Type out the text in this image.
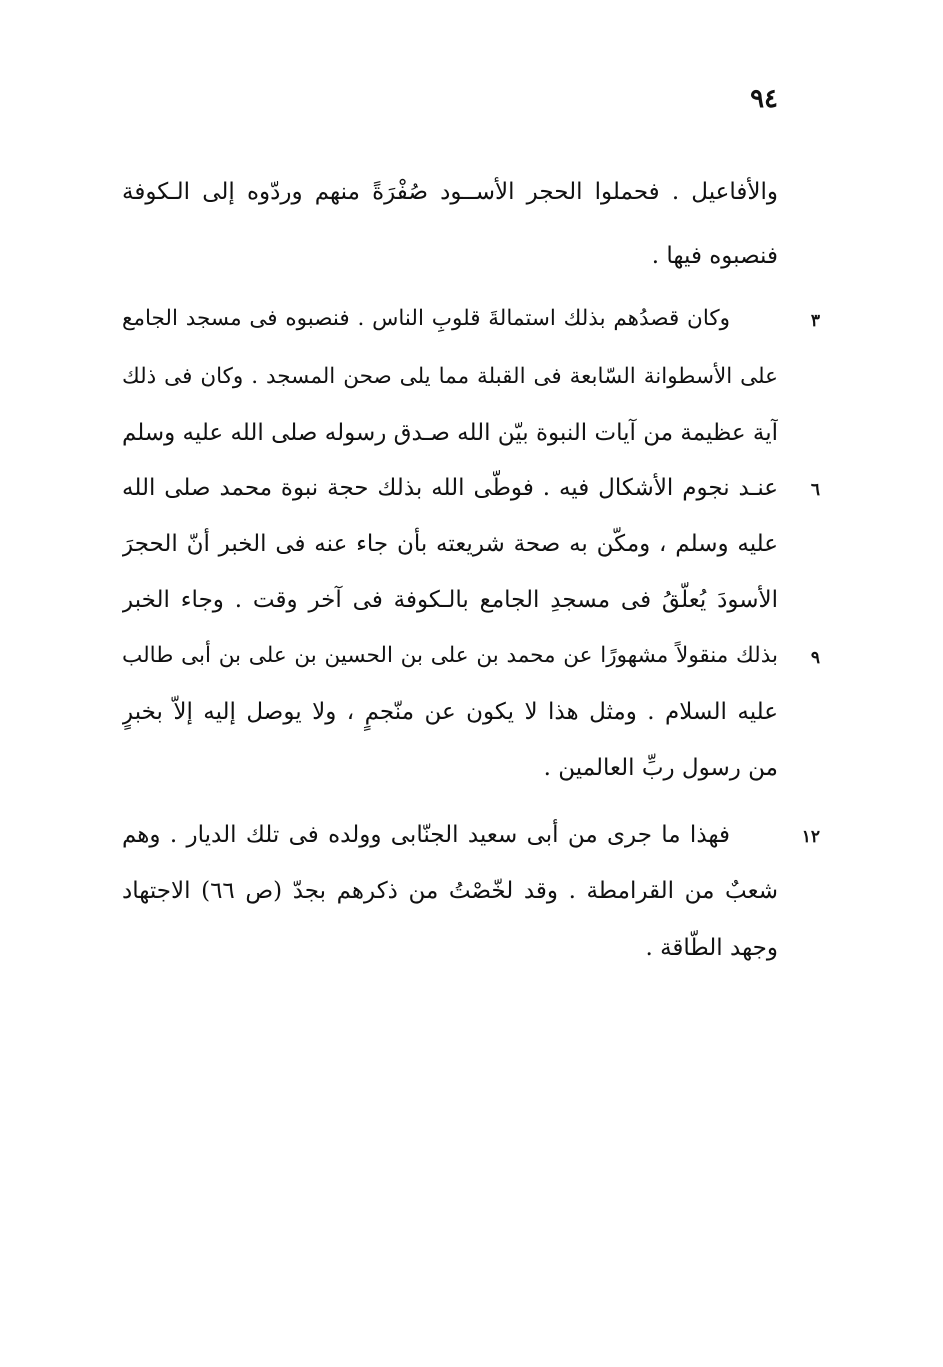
٩٤
والأفاعيل . فحملوا الحجر الأســود صُفْرَةً منهم وردّوه إلى الـكوفة
فنصبوه فيها .
وكان قصدُهم بذلك استمالةَ قلوبِ الناس . فنصبوه فى مسجد الجامع	٣
على الأسطوانة السّابعة فى القبلة مما يلى صحن المسجد . وكان فى ذلك
آية عظيمة من آيات النبوة بيّن الله صـدق رسوله صلى الله عليه وسلم
عنـد نجوم الأشكال فيه . فوطّى الله بذلك حجة نبوة محمد صلى الله	٦
عليه وسلم ، ومكّن به صحة شريعته بأن جاء عنه فى الخبر أنّ الحجرَ
الأسودَ يُعلّقُ فى مسجدِ الجامع بالـكوفة فى آخر وقت . وجاء الخبر
بذلك منقولاً مشهورًا عن محمد بن على بن الحسين بن على بن أبى طالب	٩
عليه السلام . ومثل هذا لا يكون عن منّجمٍ ، ولا يوصل إليه إلاّ بخبرٍ
من رسول ربِّ العالمين .
فهذا ما جرى من أبى سعيد الجنّابى وولده فى تلك الديار . وهم	١٢
شعبٌ من القرامطة . وقد لخّصْتُ من ذكرهم بجدّ (ص ٦٦) الاجتهاد
وجهد الطّاقة .
